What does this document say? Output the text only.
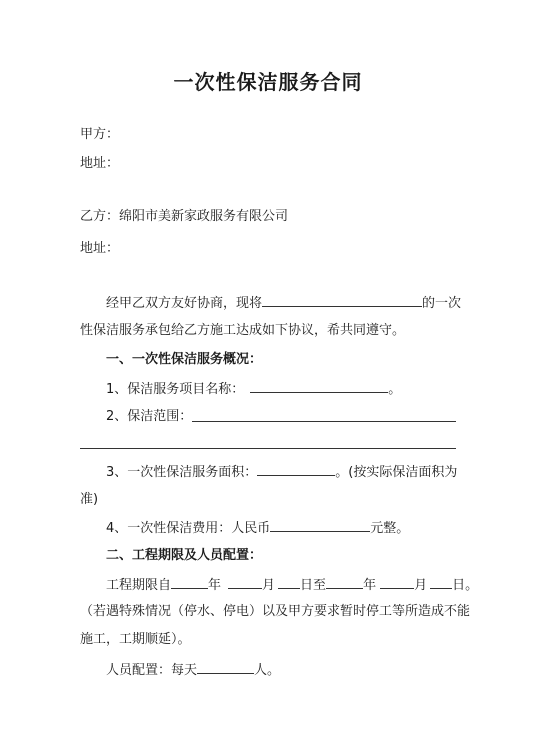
一次性保洁服务合同
甲方：
地址：
乙方：绵阳市美新家政服务有限公司
地址：
经甲乙双方友好协商，现将	的一次
性保洁服务承包给乙方施工达成如下协议，希共同遵守。
一、一次性保洁服务概况：
1、保洁服务项目名称：	。
2、保洁范围：
3、一次性保洁服务面积：	。(按实际保洁面积为
准)
4、一次性保洁费用：人民币	元整。
二、工程期限及人员配置：
工程期限自	年	月 日至	年	月 日。
（若遇特殊情况（停水、停电）以及甲方要求暂时停工等所造成不能
施工，工期顺延）。
人员配置：每天	人。
